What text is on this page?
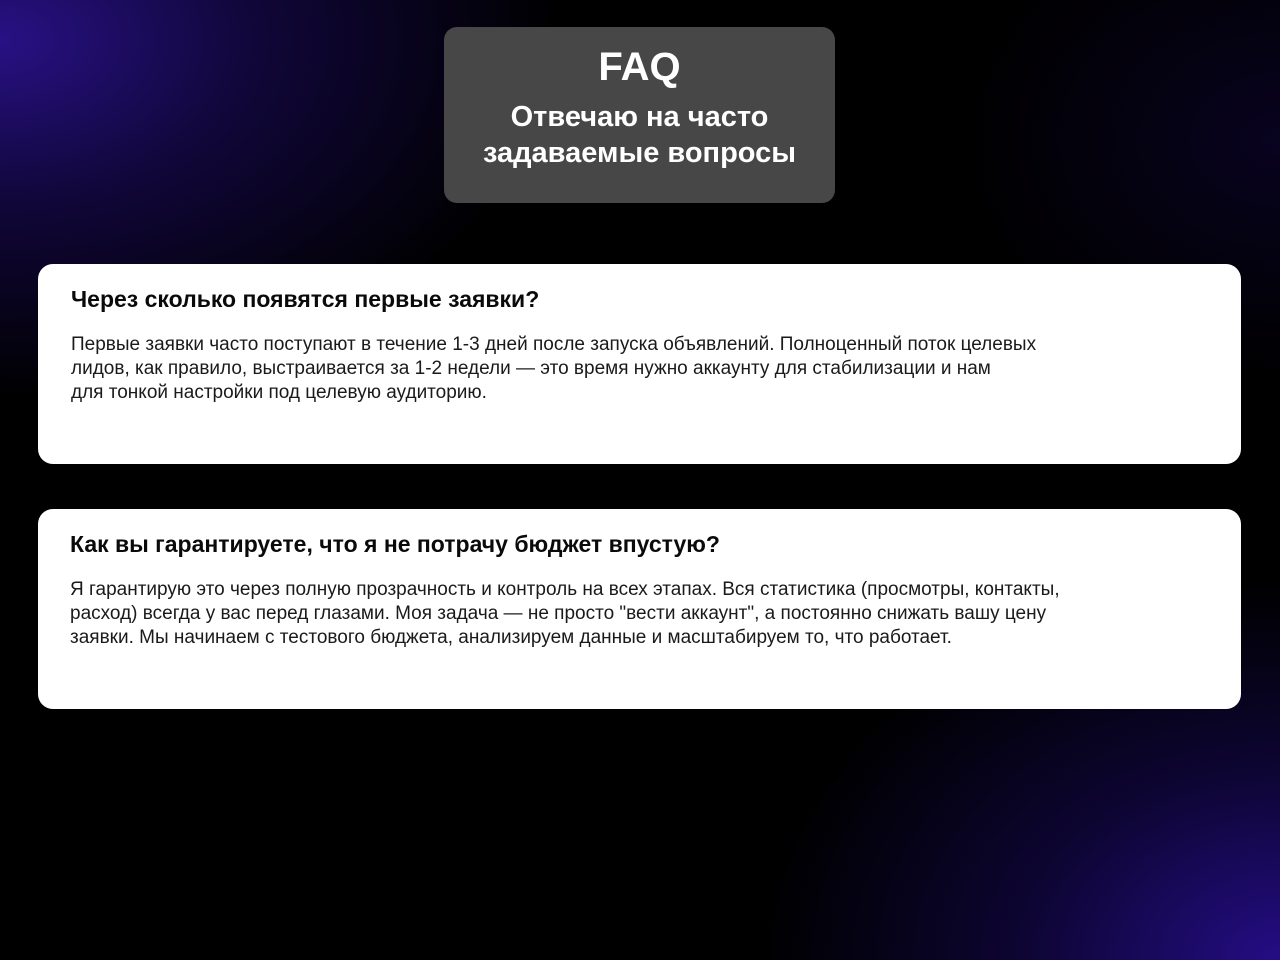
FAQ
Отвечаю на часто
задаваемые вопросы
Через сколько появятся первые заявки?
Первые заявки часто поступают в течение 1-3 дней после запуска объявлений. Полноценный поток целевых
лидов, как правило, выстраивается за 1-2 недели — это время нужно аккаунту для стабилизации и нам
для тонкой настройки под целевую аудиторию.
Как вы гарантируете, что я не потрачу бюджет впустую?
Я гарантирую это через полную прозрачность и контроль на всех этапах. Вся статистика (просмотры, контакты,
расход) всегда у вас перед глазами. Моя задача — не просто "вести аккаунт", а постоянно снижать вашу цену
заявки. Мы начинаем с тестового бюджета, анализируем данные и масштабируем то, что работает.
